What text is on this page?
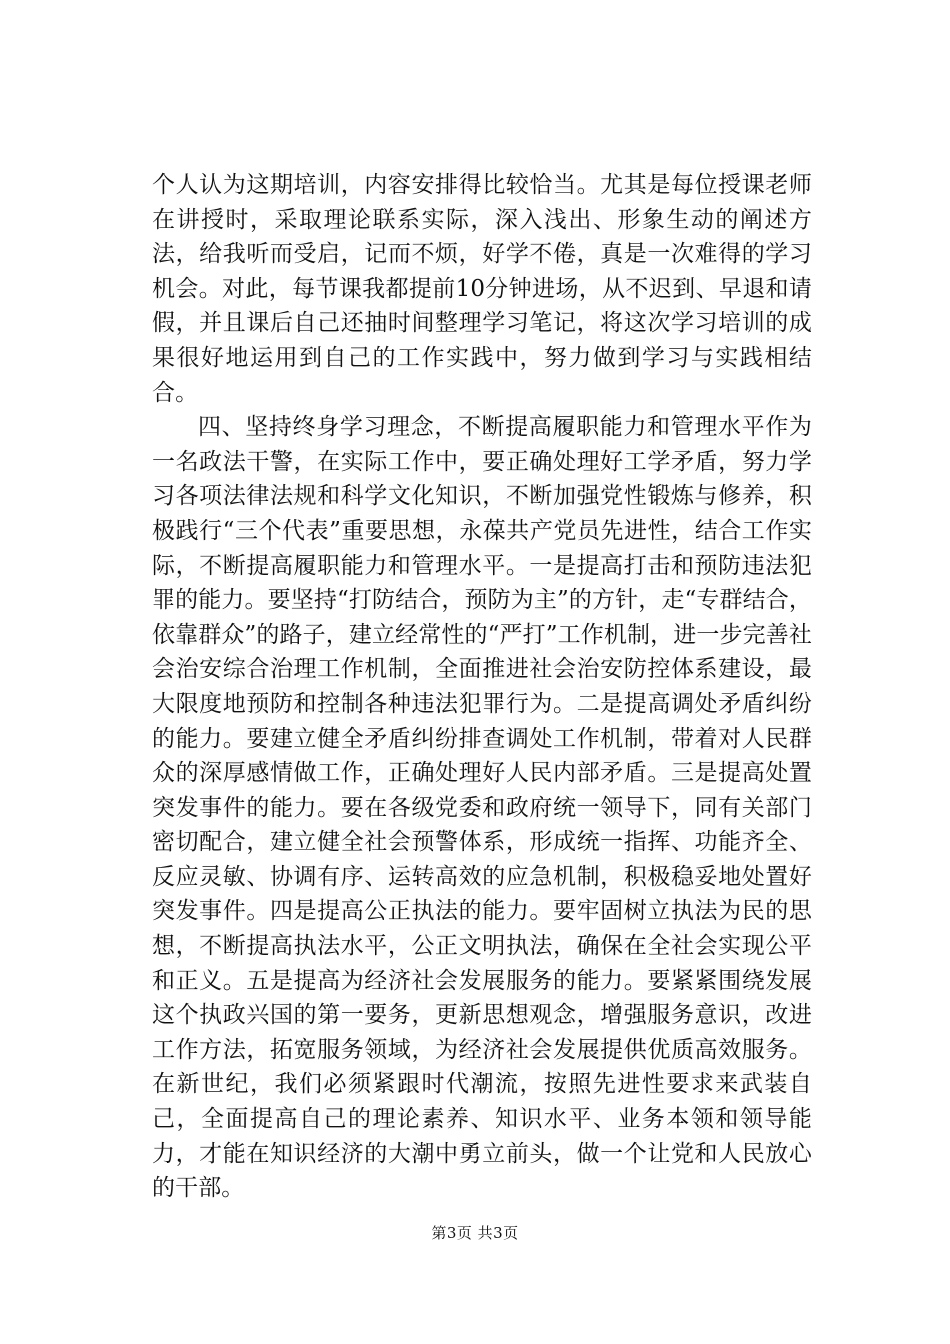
个人认为这期培训，内容安排得比较恰当。尤其是每位授课老师在讲授时，采取理论联系实际，深入浅出、形象生动的阐述方法，给我听而受启，记而不烦，好学不倦，真是一次难得的学习机会。对此，每节课我都提前10分钟进场，从不迟到、早退和请假，并且课后自己还抽时间整理学习笔记，将这次学习培训的成果很好地运用到自己的工作实践中，努力做到学习与实践相结合。

四、坚持终身学习理念，不断提高履职能力和管理水平作为一名政法干警，在实际工作中，要正确处理好工学矛盾，努力学习各项法律法规和科学文化知识，不断加强党性锻炼与修养，积极践行“三个代表”重要思想，永葆共产党员先进性，结合工作实际，不断提高履职能力和管理水平。一是提高打击和预防违法犯罪的能力。要坚持“打防结合，预防为主”的方针，走“专群结合，依靠群众”的路子，建立经常性的“严打”工作机制，进一步完善社会治安综合治理工作机制，全面推进社会治安防控体系建设，最大限度地预防和控制各种违法犯罪行为。二是提高调处矛盾纠纷的能力。要建立健全矛盾纠纷排查调处工作机制，带着对人民群众的深厚感情做工作，正确处理好人民内部矛盾。三是提高处置突发事件的能力。要在各级党委和政府统一领导下，同有关部门密切配合，建立健全社会预警体系，形成统一指挥、功能齐全、反应灵敏、协调有序、运转高效的应急机制，积极稳妥地处置好突发事件。四是提高公正执法的能力。要牢固树立执法为民的思想，不断提高执法水平，公正文明执法，确保在全社会实现公平和正义。五是提高为经济社会发展服务的能力。要紧紧围绕发展这个执政兴国的第一要务，更新思想观念，增强服务意识，改进工作方法，拓宽服务领域，为经济社会发展提供优质高效服务。在新世纪，我们必须紧跟时代潮流，按照先进性要求来武装自己，全面提高自己的理论素养、知识水平、业务本领和领导能力，才能在知识经济的大潮中勇立前头，做一个让党和人民放心的干部。

第3页 共3页
